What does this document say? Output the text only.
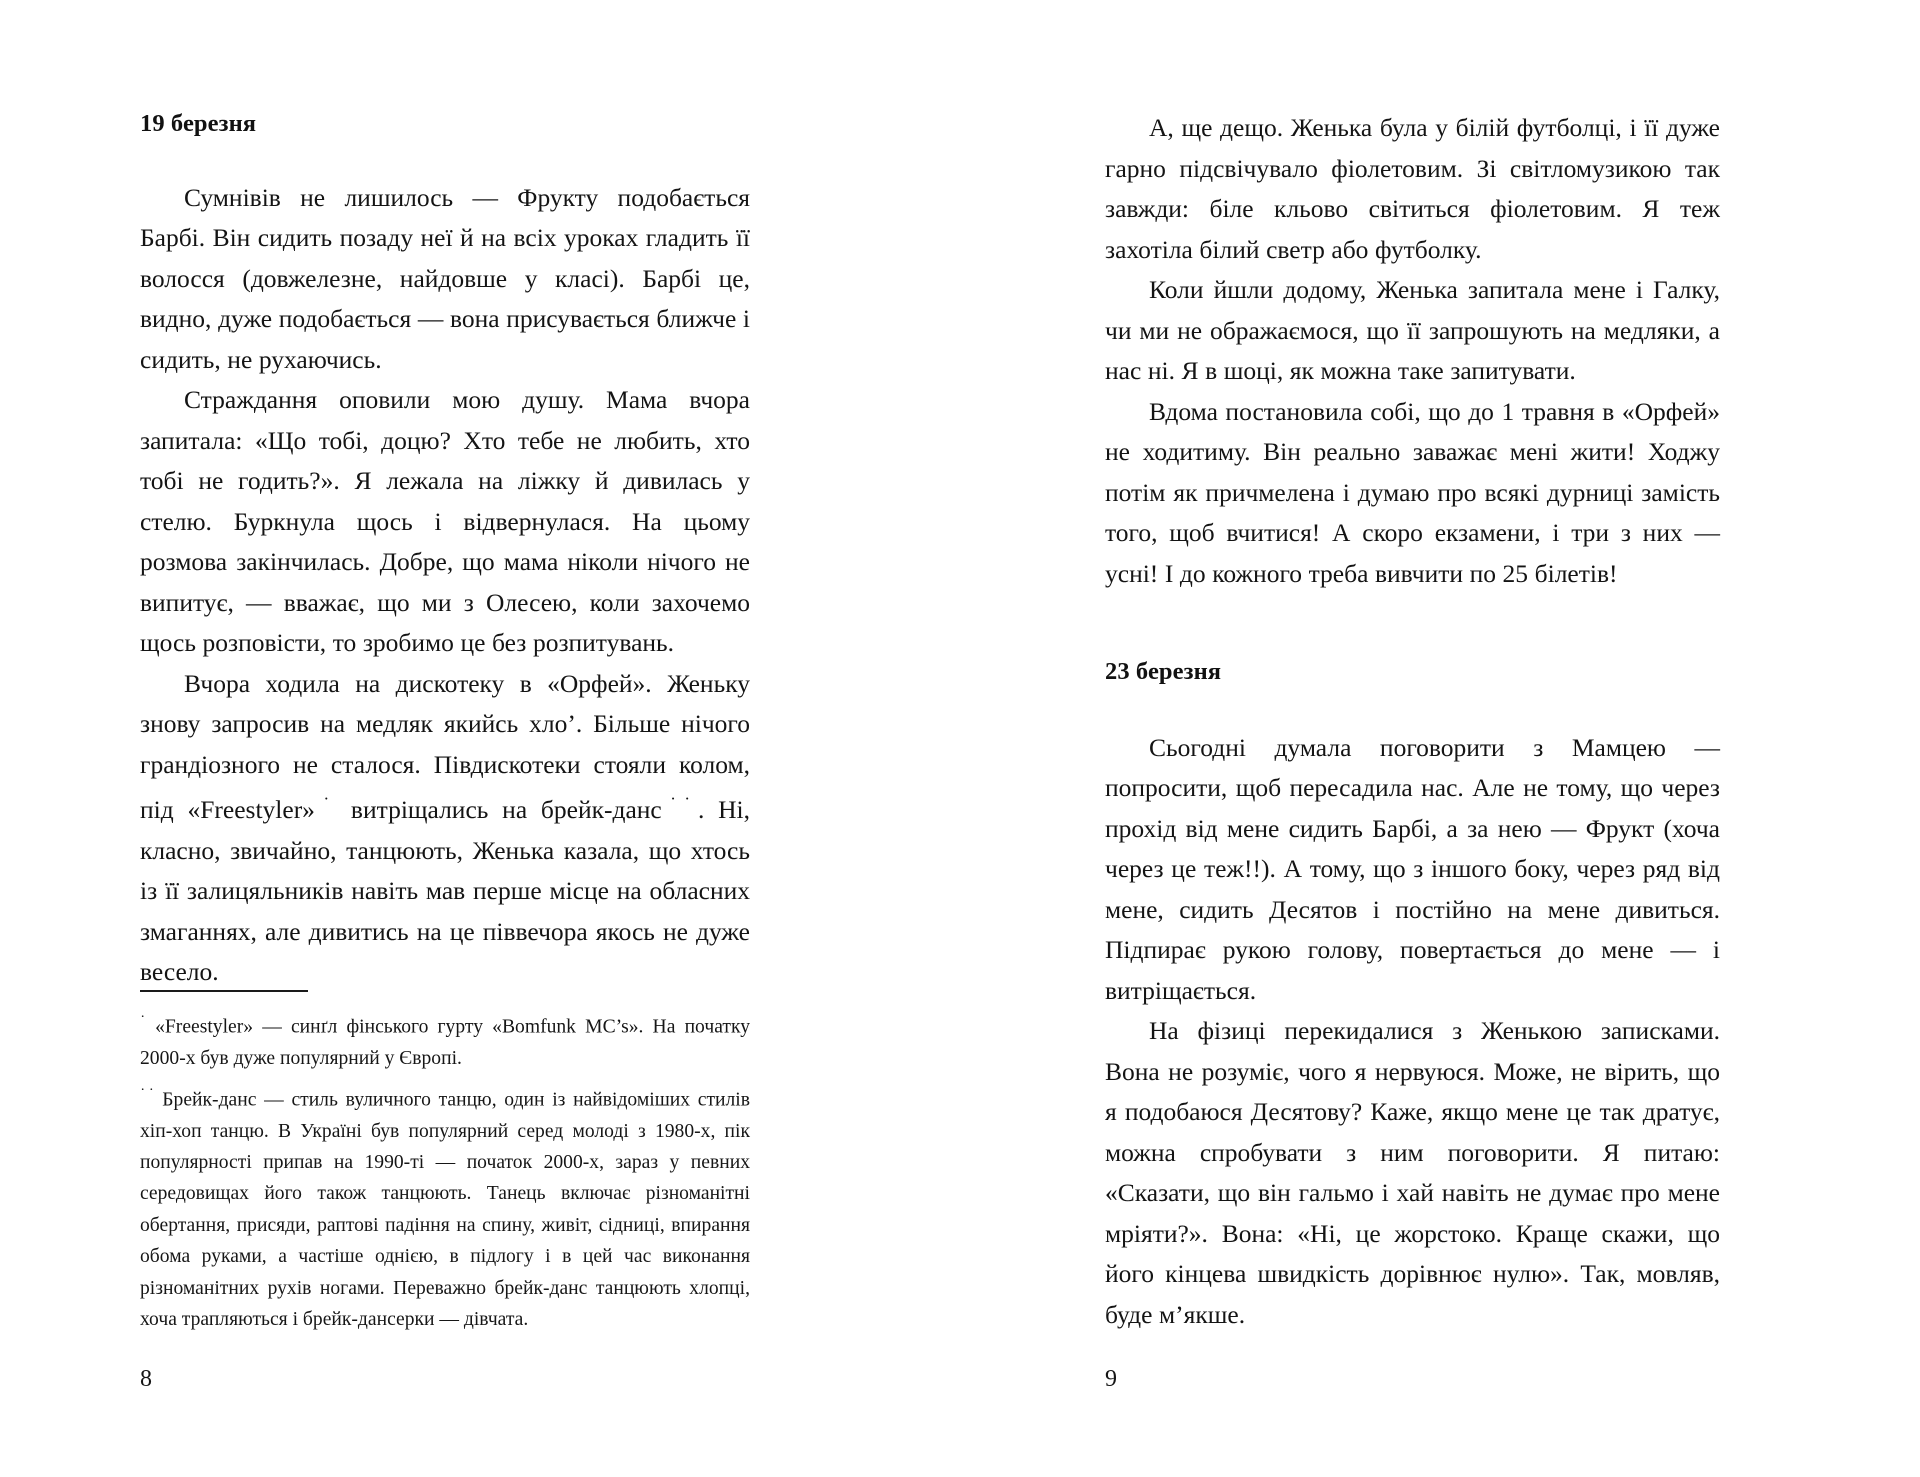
19 березня

Сумнівів не лишилось — Фрукту подобається Барбі. Він сидить позаду неї й на всіх уроках гладить її волосся (довжелезне, найдовше у класі). Барбі це, видно, дуже подобається — вона присувається ближче і сидить, не рухаючись.

Страждання оповили мою душу. Мама вчора запитала: «Що тобі, доцю? Хто тебе не любить, хто тобі не годить?». Я лежала на ліжку й дивилась у стелю. Буркнула щось і відвернулася. На цьому розмова закінчилась. Добре, що мама ніколи нічого не випитує, — вважає, що ми з Олесею, коли захочемо щось розповісти, то зробимо це без розпитувань.

Вчора ходила на дискотеку в «Орфей». Женьку знову запросив на медляк якийсь хло’. Більше нічого грандіозного не сталося. Півдискотеки стояли колом, під «Freestyler»˙ витріщались на брейк-данс˙˙. Ні, класно, звичайно, танцюють, Женька казала, що хтось із її залицяльників навіть мав перше місце на обласних змаганнях, але дивитись на це піввечора якось не дуже весело.

˙ «Freestyler» — синґл фінського гурту «Bomfunk MC’s». На початку 2000-х був дуже популярний у Європі.

˙˙ Брейк-данс — стиль вуличного танцю, один із найвідоміших стилів хіп-хоп танцю. В Україні був популярний серед молоді з 1980-х, пік популярності припав на 1990-ті — початок 2000-х, зараз у певних середовищах його також танцюють. Танець включає різноманітні обертання, присяди, раптові падіння на спину, живіт, сідниці, впирання обома руками, а частіше однією, в підлогу і в цей час виконання різноманітних рухів ногами. Переважно брейк-данс танцюють хлопці, хоча трапляються і брейк-дансерки — дівчата.

8

А, ще дещо. Женька була у білій футболці, і її дуже гарно підсвічувало фіолетовим. Зі світломузикою так завжди: біле кльово світиться фіолетовим. Я теж захотіла білий светр або футболку.

Коли йшли додому, Женька запитала мене і Галку, чи ми не ображаємося, що її запрошують на медляки, а нас ні. Я в шоці, як можна таке запитувати.

Вдома постановила собі, що до 1 травня в «Орфей» не ходитиму. Він реально заважає мені жити! Ходжу потім як причмелена і думаю про всякі дурниці замість того, щоб вчитися! А скоро екзамени, і три з них — усні! І до кожного треба вивчити по 25 білетів!

23 березня

Сьогодні думала поговорити з Мамцею — попросити, щоб пересадила нас. Але не тому, що через прохід від мене сидить Барбі, а за нею — Фрукт (хоча через це теж!!). А тому, що з іншого боку, через ряд від мене, сидить Десятов і постійно на мене дивиться. Підпирає рукою голову, повертається до мене — і витріщається.

На фізиці перекидалися з Женькою записками. Вона не розуміє, чого я нервуюся. Може, не вірить, що я подобаюся Десятову? Каже, якщо мене це так дратує, можна спробувати з ним поговорити. Я питаю: «Сказати, що він гальмо і хай навіть не думає про мене мріяти?». Вона: «Ні, це жорстоко. Краще скажи, що його кінцева швидкість дорівнює нулю». Так, мовляв, буде м’якше.

9
